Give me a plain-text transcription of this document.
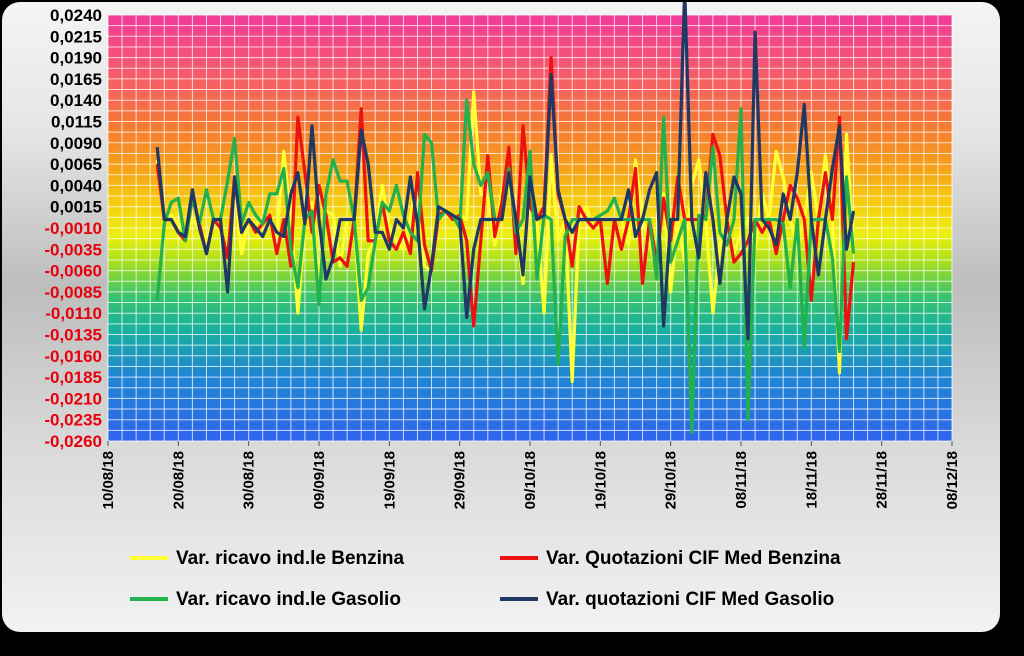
0,0240
0,0215
0,0190
0,0165
0,0140
0,0115
0,0090
0,0065
0,0040
0,0015
-0,0010
-0,0035
-0,0060
-0,0085
-0,0110
-0,0135
-0,0160
-0,0185
-0,0210
-0,0235
-0,0260
10/08/18	20/08/18	30/08/18	09/09/18	19/09/18	29/09/18	09/10/18	19/10/18	29/10/18	08/11/18	18/11/18	28/11/18	08/12/18
Var. ricavo ind.le Benzina	Var. Quotazioni CIF Med Benzina
Var. ricavo ind.le Gasolio	Var. quotazioni CIF Med Gasolio
